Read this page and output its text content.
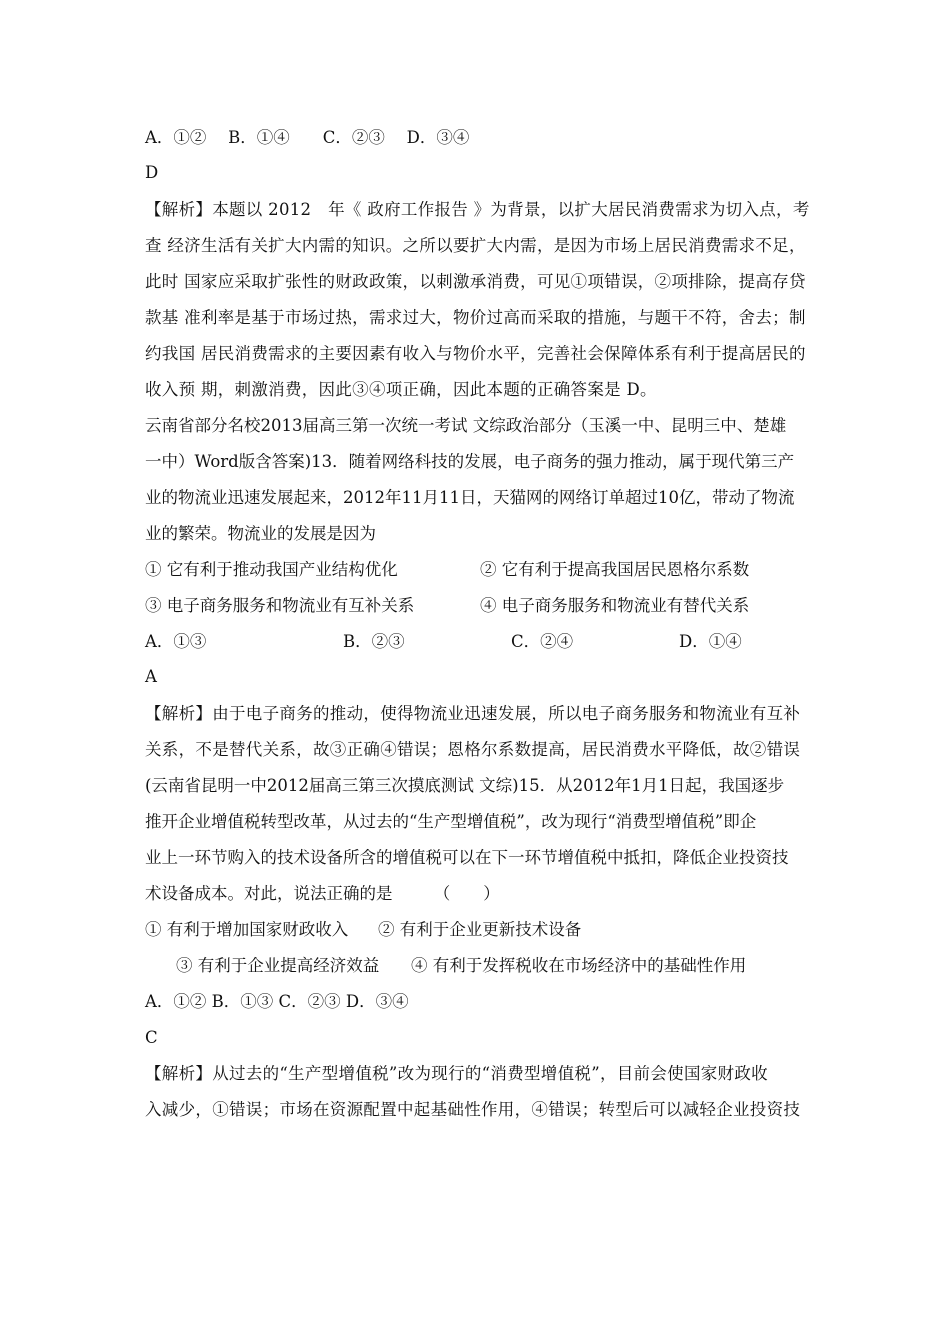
A．①②　 B．①④　　C．②③　 D．③④
D
【解析】本题以 2012　年《 政府工作报告 》为背景，以扩大居民消费需求为切入点，考
查 经济生活有关扩大内需的知识。之所以要扩大内需，是因为市场上居民消费需求不足，
此时 国家应采取扩张性的财政政策，以刺激承消费，可见①项错误，②项排除，提高存贷
款基 准利率是基于市场过热，需求过大，物价过高而采取的措施，与题干不符，舍去；制
约我国 居民消费需求的主要因素有收入与物价水平，完善社会保障体系有利于提高居民的
收入预 期，刺激消费，因此③④项正确，因此本题的正确答案是 D。
云南省部分名校2013届高三第一次统一考试 文综政治部分（玉溪一中、昆明三中、楚雄
一中）Word版含答案)13．随着网络科技的发展，电子商务的强力推动，属于现代第三产
业的物流业迅速发展起来，2012年11月11日，天猫网的网络订单超过10亿，带动了物流
业的繁荣。物流业的发展是因为
① 它有利于推动我国产业结构优化	② 它有利于提高我国居民恩格尔系数
③ 电子商务服务和物流业有互补关系	④ 电子商务服务和物流业有替代关系
A．①③	B．②③	C．②④	D．①④
A
【解析】由于电子商务的推动，使得物流业迅速发展，所以电子商务服务和物流业有互补
关系，不是替代关系，故③正确④错误；恩格尔系数提高，居民消费水平降低，故②错误
(云南省昆明一中2012届高三第三次摸底测试 文综)15．从2012年1月1日起，我国逐步
推开企业增值税转型改革，从过去的“生产型增值税”，改为现行“消费型增值税”即企
业上一环节购入的技术设备所含的增值税可以在下一环节增值税中抵扣，降低企业投资技
术设备成本。对此，说法正确的是　　　（　　）
① 有利于增加国家财政收入 ② 有利于企业更新技术设备
③ 有利于企业提高经济效益 ④ 有利于发挥税收在市场经济中的基础性作用
A．①② B．①③ C．②③ D．③④
C
【解析】从过去的“生产型增值税”改为现行的“消费型增值税”，目前会使国家财政收
入减少，①错误；市场在资源配置中起基础性作用，④错误；转型后可以减轻企业投资技
